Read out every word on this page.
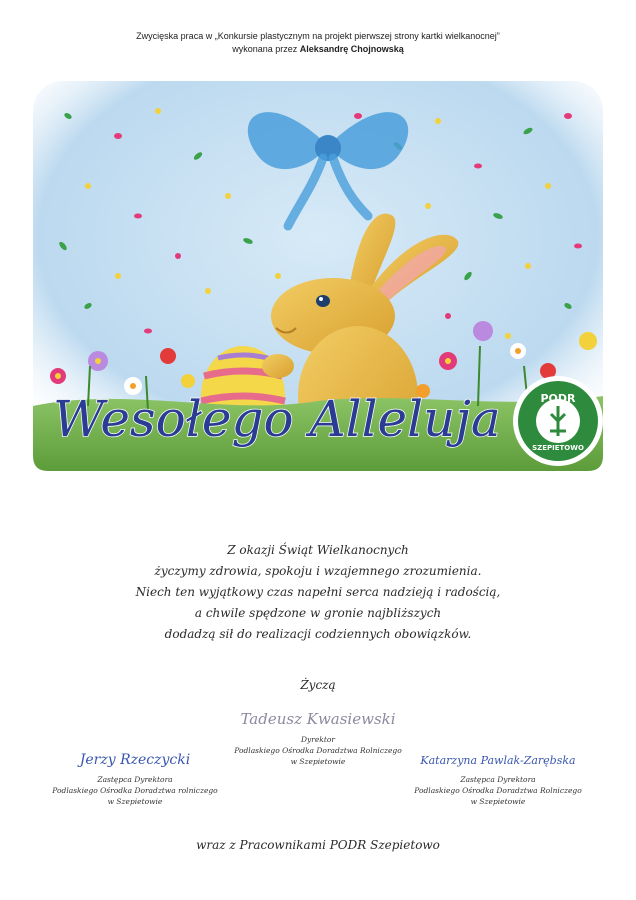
Zwycięska praca w „Konkursie plastycznym na projekt pierwszej strony kartki wielkanocnej”
wykonana przez Aleksandrę Chojnowską
Wesołego Alleluja	PODR
SZEPIETOWO
Z okazji Świąt Wielkanocnych
życzymy zdrowia, spokoju i wzajemnego zrozumienia.
Niech ten wyjątkowy czas napełni serca nadzieją i radością,
a chwile spędzone w gronie najbliższych
dodadzą sił do realizacji codziennych obowiązków.
Życzą
Tadeusz Kwasiewski
Dyrektor
Podlaskiego Ośrodka Doradztwa Rolniczego
w Szepietowie
Jerzy Rzeczycki
Zastępca Dyrektora
Podlaskiego Ośrodka Doradztwa rolniczego
w Szepietowie
Katarzyna Pawlak-Zarębska
Zastępca Dyrektora
Podlaskiego Ośrodka Doradztwa Rolniczego
w Szepietowie
wraz z Pracownikami PODR Szepietowo
